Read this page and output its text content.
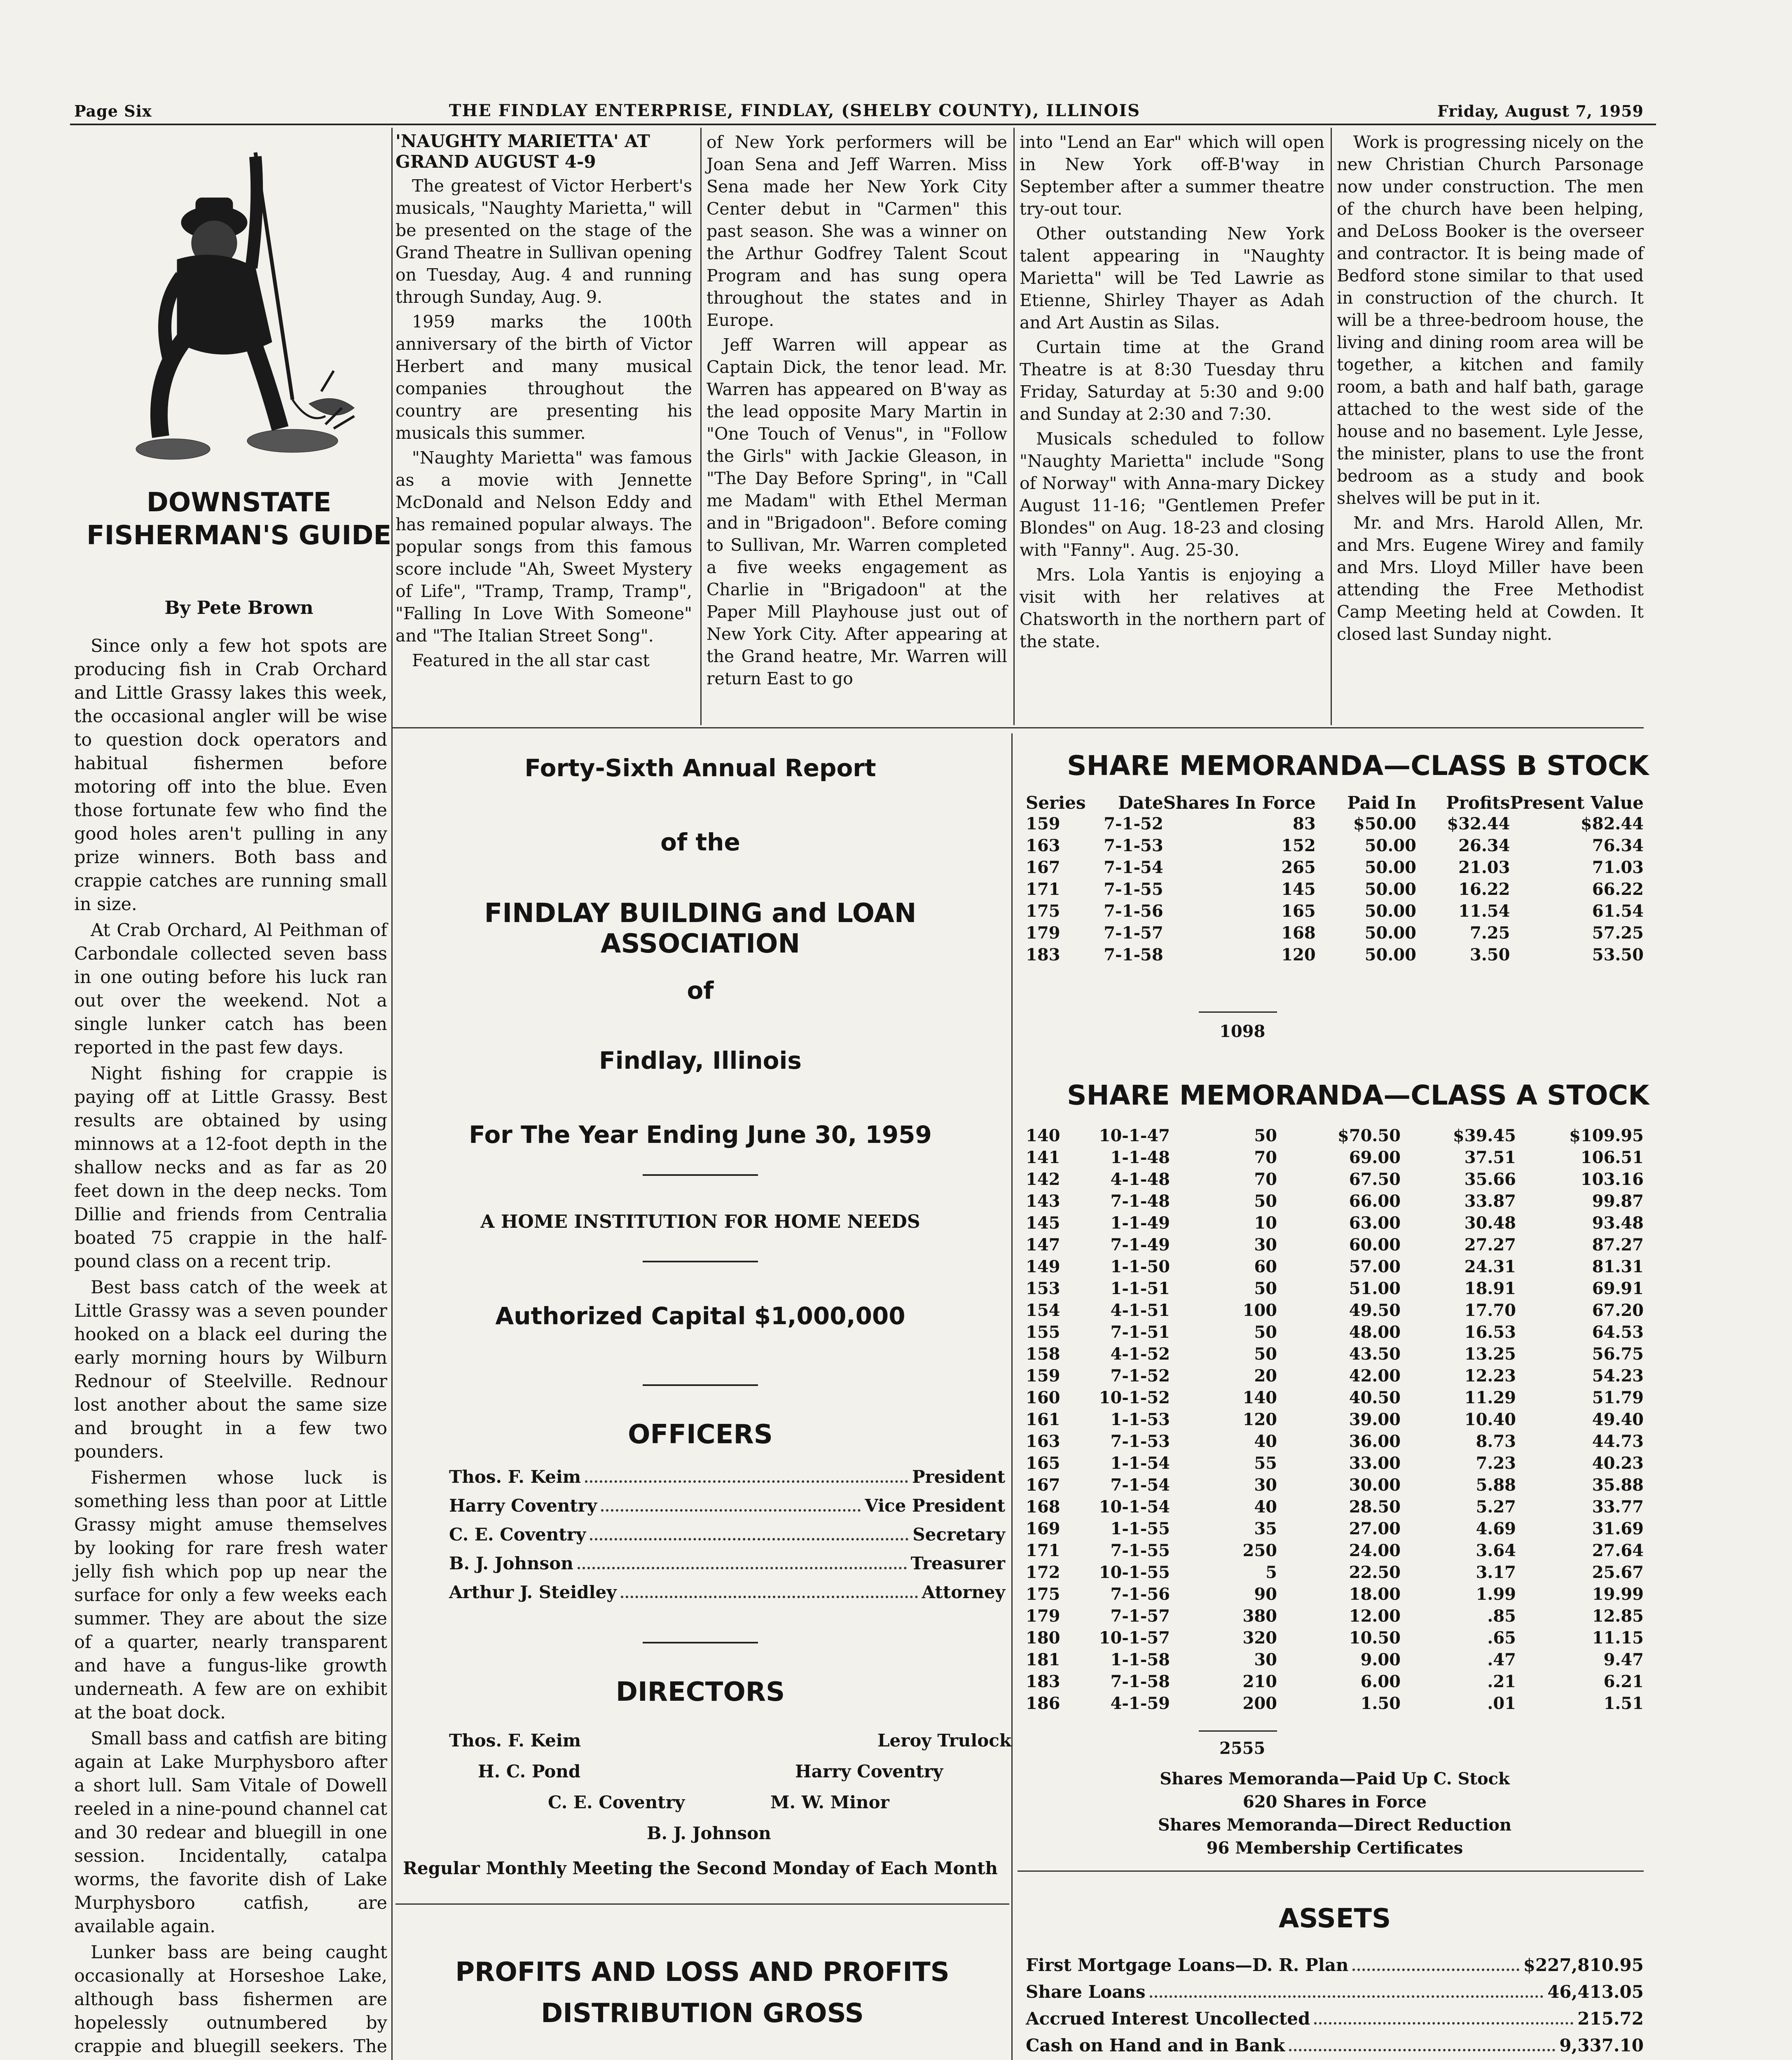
Page Six	THE FINDLAY ENTERPRISE, FINDLAY, (SHELBY COUNTY), ILLINOIS	Friday, August 7, 1959
DOWNSTATE FISHERMAN'S GUIDE
By Pete Brown

Since only a few hot spots are producing fish in Crab Orchard and Little Grassy lakes this week, the occasional angler will be wise to question dock operators and habitual fishermen before motoring off into the blue. Even those fortunate few who find the good holes aren't pulling in any prize winners. Both bass and crappie catches are running small in size.

At Crab Orchard, Al Peithman of Carbondale collected seven bass in one outing before his luck ran out over the weekend. Not a single lunker catch has been reported in the past few days.

Night fishing for crappie is paying off at Little Grassy. Best results are obtained by using minnows at a 12-foot depth in the shallow necks and as far as 20 feet down in the deep necks. Tom Dillie and friends from Centralia boated 75 crappie in the half-pound class on a recent trip.

Best bass catch of the week at Little Grassy was a seven pounder hooked on a black eel during the early morning hours by Wilburn Rednour of Steelville. Rednour lost another about the same size and brought in a few two pounders.

Fishermen whose luck is something less than poor at Little Grassy might amuse themselves by looking for rare fresh water jelly fish which pop up near the surface for only a few weeks each summer. They are about the size of a quarter, nearly transparent and have a fungus-like growth underneath. A few are on exhibit at the boat dock.

Small bass and catfish are biting again at Lake Murphysboro after a short lull. Sam Vitale of Dowell reeled in a nine-pound channel cat and 30 redear and bluegill in one session. Incidentally, catalpa worms, the favorite dish of Lake Murphysboro catfish, are available again.

Lunker bass are being caught occasionally at Horseshoe Lake, although bass fishermen are hopelessly outnumbered by crappie and bluegill seekers. The

'NAUGHTY MARIETTA' AT GRAND AUGUST 4-9

The greatest of Victor Herbert's musicals, "Naughty Marietta," will be presented on the stage of the Grand Theatre in Sullivan opening on Tuesday, Aug. 4 and running through Sunday, Aug. 9.

1959 marks the 100th anniversary of the birth of Victor Herbert and many musical companies throughout the country are presenting his musicals this summer.

"Naughty Marietta" was famous as a movie with Jennette McDonald and Nelson Eddy and has remained popular always. The popular songs from this famous score include "Ah, Sweet Mystery of Life", "Tramp, Tramp, Tramp", "Falling In Love With Someone" and "The Italian Street Song".

Featured in the all star cast

of New York performers will be Joan Sena and Jeff Warren. Miss Sena made her New York City Center debut in "Carmen" this past season. She was a winner on the Arthur Godfrey Talent Scout Program and has sung opera throughout the states and in Europe.

Jeff Warren will appear as Captain Dick, the tenor lead. Mr. Warren has appeared on B'way as the lead opposite Mary Martin in "One Touch of Venus", in "Follow the Girls" with Jackie Gleason, in "The Day Before Spring", in "Call me Madam" with Ethel Merman and in "Brigadoon". Before coming to Sullivan, Mr. Warren completed a five weeks engagement as Charlie in "Brigadoon" at the Paper Mill Playhouse just out of New York City. After appearing at the Grand heatre, Mr. Warren will return East to go

into "Lend an Ear" which will open in New York off-B'way in September after a summer theatre try-out tour.

Other outstanding New York talent appearing in "Naughty Marietta" will be Ted Lawrie as Etienne, Shirley Thayer as Adah and Art Austin as Silas.

Curtain time at the Grand Theatre is at 8:30 Tuesday thru Friday, Saturday at 5:30 and 9:00 and Sunday at 2:30 and 7:30.

Musicals scheduled to follow "Naughty Marietta" include "Song of Norway" with Anna-mary Dickey August 11-16; "Gentlemen Prefer Blondes" on Aug. 18-23 and closing with "Fanny". Aug. 25-30.

Mrs. Lola Yantis is enjoying a visit with her relatives at Chatsworth in the northern part of the state.

Work is progressing nicely on the new Christian Church Parsonage now under construction. The men of the church have been helping, and DeLoss Booker is the overseer and contractor. It is being made of Bedford stone similar to that used in construction of the church. It will be a three-bedroom house, the living and dining room area will be together, a kitchen and family room, a bath and half bath, garage attached to the west side of the house and no basement. Lyle Jesse, the minister, plans to use the front bedroom as a study and book shelves will be put in it.

Mr. and Mrs. Harold Allen, Mr. and Mrs. Eugene Wirey and family and Mrs. Lloyd Miller have been attending the Free Methodist Camp Meeting held at Cowden. It closed last Sunday night.

Forty-Sixth Annual Report
of the
FINDLAY BUILDING and LOAN ASSOCIATION
of
Findlay, Illinois
For The Year Ending June 30, 1959
A HOME INSTITUTION FOR HOME NEEDS
Authorized Capital $1,000,000
OFFICERS
Thos. F. Keim	President
Harry Coventry	Vice President
C. E. Coventry	Secretary
B. J. Johnson	Treasurer
Arthur J. Steidley	Attorney
DIRECTORS
Thos. F. Keim	Leroy Trulock
H. C. Pond	Harry Coventry
C. E. Coventry	M. W. Minor
B. J. Johnson
Regular Monthly Meeting the Second Monday of Each Month
PROFITS AND LOSS AND PROFITS
DISTRIBUTION GROSS
SHARE MEMORANDA—CLASS B STOCK
Series	Date	Shares In Force	Paid In	Profits	Present Value
159	7-1-52	83	$50.00	$32.44	$82.44
163	7-1-53	152	50.00	26.34	76.34
167	7-1-54	265	50.00	21.03	71.03
171	7-1-55	145	50.00	16.22	66.22
175	7-1-56	165	50.00	11.54	61.54
179	7-1-57	168	50.00	7.25	57.25
183	7-1-58	120	50.00	3.50	53.50
1098
SHARE MEMORANDA—CLASS A STOCK
140	10-1-47	50	$70.50	$39.45	$109.95
141	1-1-48	70	69.00	37.51	106.51
142	4-1-48	70	67.50	35.66	103.16
143	7-1-48	50	66.00	33.87	99.87
145	1-1-49	10	63.00	30.48	93.48
147	7-1-49	30	60.00	27.27	87.27
149	1-1-50	60	57.00	24.31	81.31
153	1-1-51	50	51.00	18.91	69.91
154	4-1-51	100	49.50	17.70	67.20
155	7-1-51	50	48.00	16.53	64.53
158	4-1-52	50	43.50	13.25	56.75
159	7-1-52	20	42.00	12.23	54.23
160	10-1-52	140	40.50	11.29	51.79
161	1-1-53	120	39.00	10.40	49.40
163	7-1-53	40	36.00	8.73	44.73
165	1-1-54	55	33.00	7.23	40.23
167	7-1-54	30	30.00	5.88	35.88
168	10-1-54	40	28.50	5.27	33.77
169	1-1-55	35	27.00	4.69	31.69
171	7-1-55	250	24.00	3.64	27.64
172	10-1-55	5	22.50	3.17	25.67
175	7-1-56	90	18.00	1.99	19.99
179	7-1-57	380	12.00	.85	12.85
180	10-1-57	320	10.50	.65	11.15
181	1-1-58	30	9.00	.47	9.47
183	7-1-58	210	6.00	.21	6.21
186	4-1-59	200	1.50	.01	1.51
2555
Shares Memoranda—Paid Up C. Stock
620 Shares in Force
Shares Memoranda—Direct Reduction
96 Membership Certificates
ASSETS
First Mortgage Loans—D. R. Plan	$227,810.95
Share Loans	46,413.05
Accrued Interest Uncollected	215.72
Cash on Hand and in Bank	9,337.10
